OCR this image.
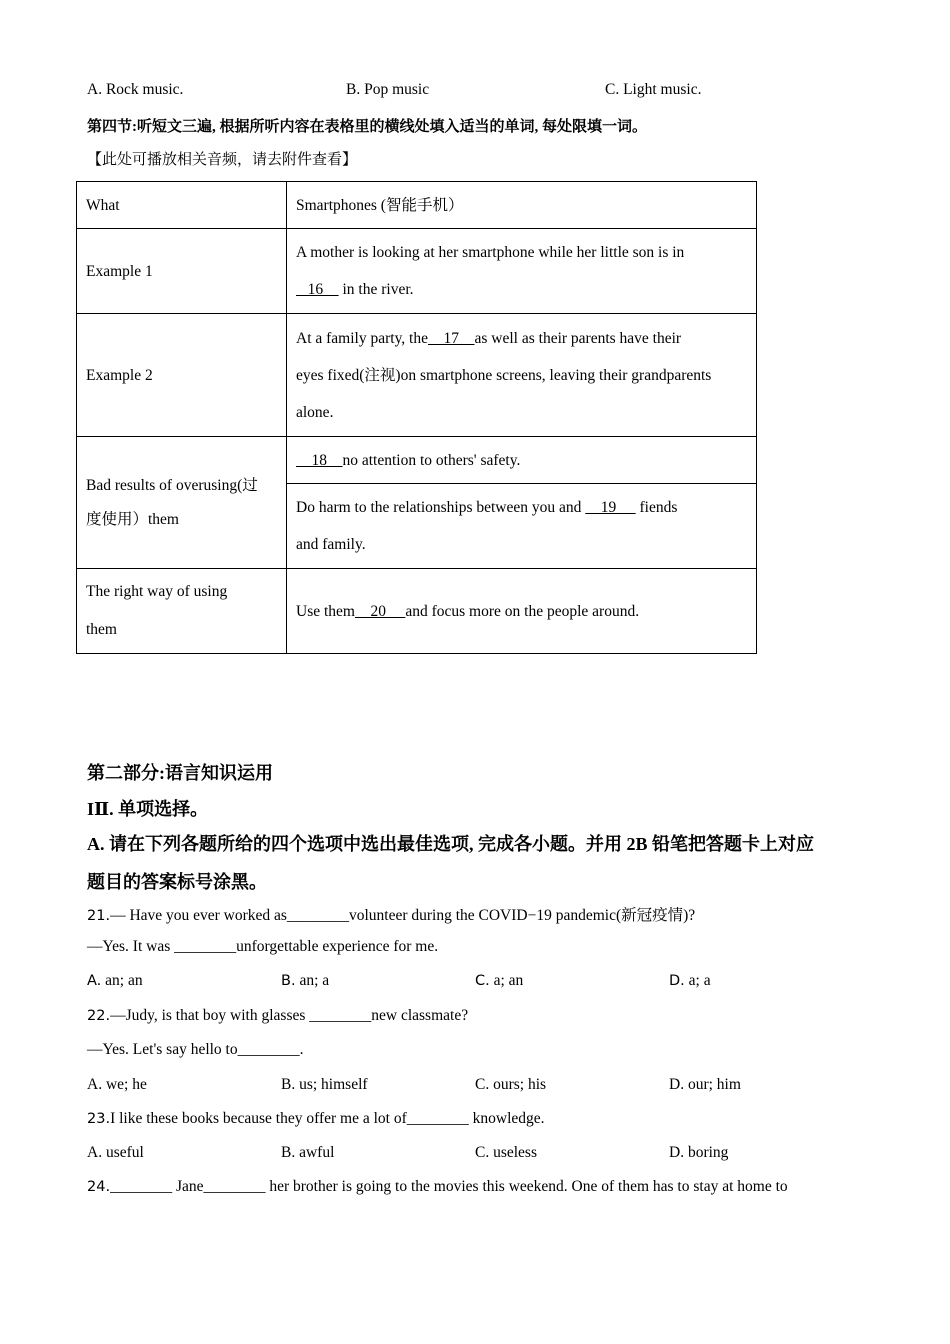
A. Rock music.	B. Pop music	C. Light music.
第四节:听短文三遍, 根据所听内容在表格里的横线处填入适当的单词, 每处限填一词。
【此处可播放相关音频，请去附件查看】
What	Smartphones (智能手机）
Example 1	A mother is looking at her smartphone while her little son is in
16     in the river.

Example 2	At a family party, the    17    as well as their parents have their
eyes fixed(注视)on smartphone screens, leaving their grandparents
alone.

Bad results of overusing(过
度使用）them	18    no attention to others' safety.

	Do harm to the relationships between you and     19      fiends
and family.

The right way of using
them	Use them    20     and focus more on the people around.
第二部分:语言知识运用
IⅡ. 单项选择。
A. 请在下列各题所给的四个选项中选出最佳选项, 完成各小题。并用 2B 铅笔把答题卡上对应
题目的答案标号涂黑。
21.— Have you ever worked as________volunteer during the COVID−19 pandemic(新冠疫情)?
—Yes. It was ________unforgettable experience for me.
A. an; an	B. an; a	C. a; an	D. a; a
22.—Judy, is that boy with glasses ________new classmate?
—Yes. Let's say hello to________.
A. we; he	B. us; himself	C. ours; his	D. our; him
23.I like these books because they offer me a lot of________ knowledge.
A. useful	B. awful	C. useless	D. boring
24.________ Jane________ her brother is going to the movies this weekend. One of them has to stay at home to
